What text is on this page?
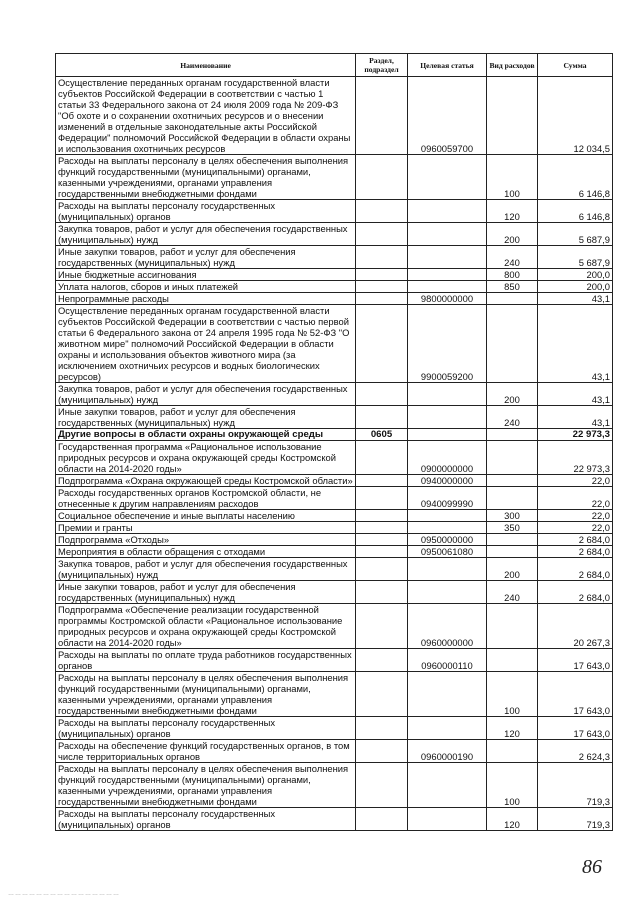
Наименование	Раздел, подраздел	Целевая статья	Вид расходов	Сумма
Осуществление переданных органам государственной власти субъектов Российской Федерации в соответствии с частью 1 статьи 33 Федерального закона от 24 июля 2009 года № 209-ФЗ "Об охоте и о сохранении охотничьих ресурсов и о внесении изменений в отдельные законодательные акты Российской Федерации" полномочий Российской Федерации в области охраны и использования охотничьих ресурсов		0960059700		12 034,5
Расходы на выплаты персоналу в целях обеспечения выполнения функций государственными (муниципальными) органами, казенными учреждениями, органами управления государственными внебюджетными фондами			100	6 146,8
Расходы на выплаты персоналу государственных (муниципальных) органов			120	6 146,8
Закупка товаров, работ и услуг для обеспечения государственных (муниципальных) нужд			200	5 687,9
Иные закупки товаров, работ и услуг для обеспечения государственных (муниципальных) нужд			240	5 687,9
Иные бюджетные ассигнования			800	200,0
Уплата налогов, сборов и иных платежей			850	200,0
Непрограммные расходы		9800000000		43,1
Осуществление переданных органам государственной власти субъектов Российской Федерации в соответствии с частью первой статьи 6 Федерального закона от 24 апреля 1995 года № 52-ФЗ "О животном мире" полномочий Российской Федерации в области охраны и использования объектов животного мира (за исключением охотничьих ресурсов и водных биологических ресурсов)		9900059200		43,1
Закупка товаров, работ и услуг для обеспечения государственных (муниципальных) нужд			200	43,1
Иные закупки товаров, работ и услуг для обеспечения государственных (муниципальных) нужд			240	43,1
Другие вопросы в области охраны окружающей среды	0605			22 973,3
Государственная программа «Рациональное использование природных ресурсов и охрана окружающей среды Костромской области на 2014-2020 годы»		0900000000		22 973,3
Подпрограмма «Охрана окружающей среды Костромской области»		0940000000		22,0
Расходы государственных органов Костромской области, не отнесенные к другим направлениям расходов		0940099990		22,0
Социальное обеспечение и иные выплаты населению			300	22,0
Премии и гранты			350	22,0
Подпрограмма «Отходы»		0950000000		2 684,0
Мероприятия в области обращения с отходами		0950061080		2 684,0
Закупка товаров, работ и услуг для обеспечения государственных (муниципальных) нужд			200	2 684,0
Иные закупки товаров, работ и услуг для обеспечения государственных (муниципальных) нужд			240	2 684,0
Подпрограмма «Обеспечение реализации государственной программы Костромской области «Рациональное использование природных ресурсов и охрана окружающей среды Костромской области на 2014-2020 годы»		0960000000		20 267,3
Расходы на выплаты по оплате труда работников государственных органов		0960000110		17 643,0
Расходы на выплаты персоналу в целях обеспечения выполнения функций государственными (муниципальными) органами, казенными учреждениями, органами управления государственными внебюджетными фондами			100	17 643,0
Расходы на выплаты персоналу государственных (муниципальных) органов			120	17 643,0
Расходы на обеспечение функций государственных органов, в том числе территориальных органов		0960000190		2 624,3
Расходы на выплаты персоналу в целях обеспечения выполнения функций государственными (муниципальными) органами, казенными учреждениями, органами управления государственными внебюджетными фондами			100	719,3
Расходы на выплаты персоналу государственных (муниципальных) органов			120	719,3
86
…………………………………………
